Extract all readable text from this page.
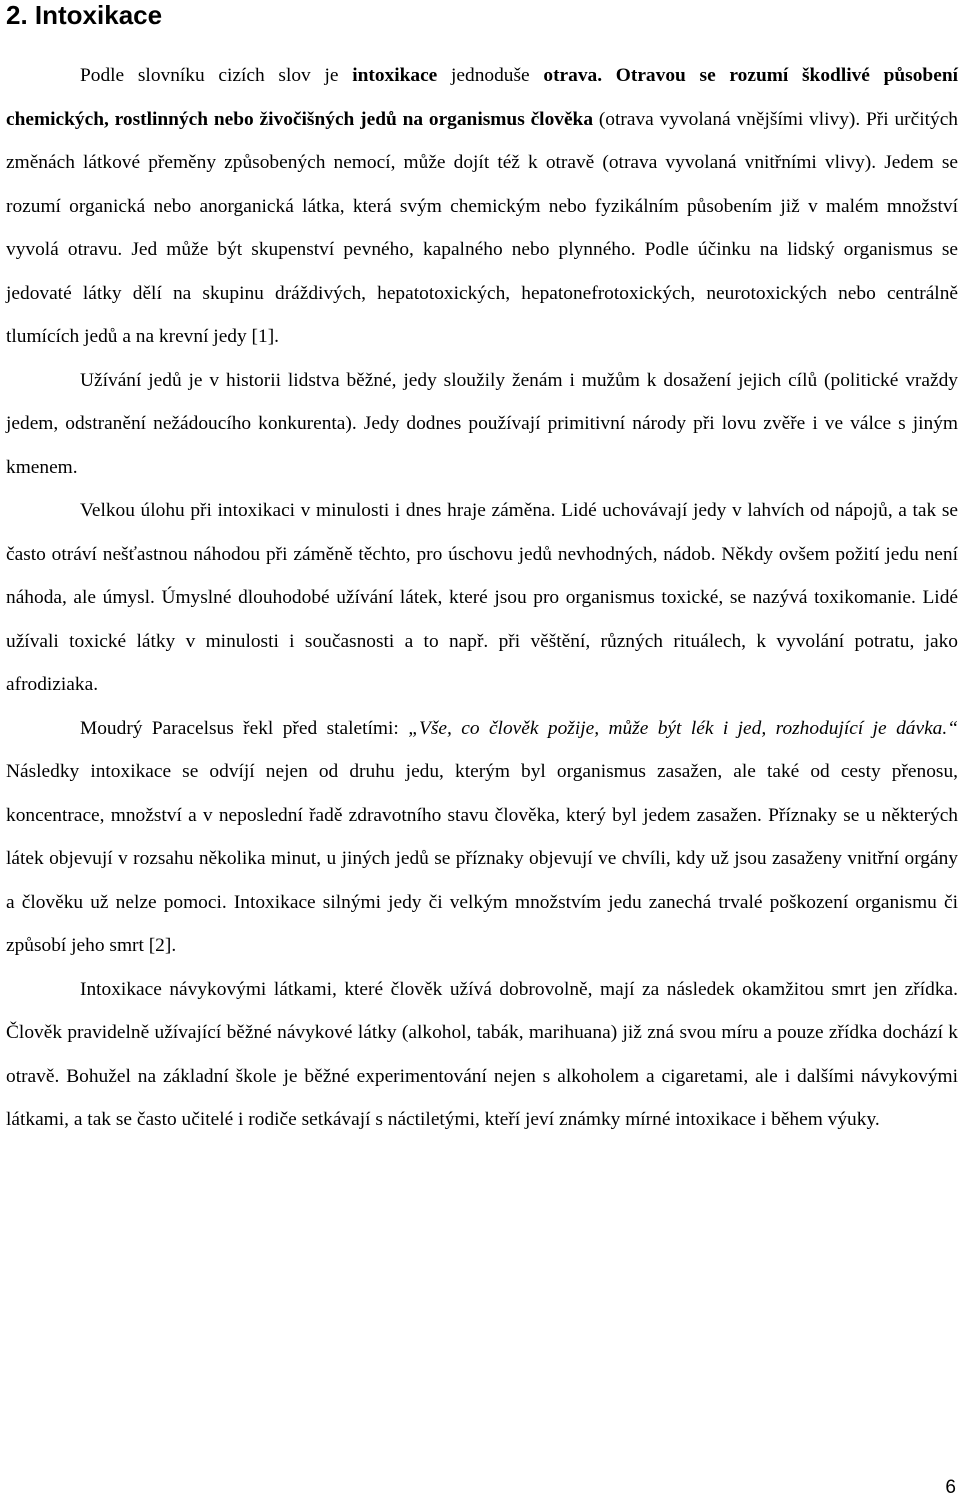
2. Intoxikace

Podle slovníku cizích slov je intoxikace jednoduše otrava. Otravou se rozumí škodlivé působení chemických, rostlinných nebo živočišných jedů na organismus člověka (otrava vyvolaná vnějšími vlivy). Při určitých změnách látkové přeměny způsobených nemocí, může dojít též k otravě (otrava vyvolaná vnitřními vlivy). Jedem se rozumí organická nebo anorganická látka, která svým chemickým nebo fyzikálním působením již v malém množství vyvolá otravu. Jed může být skupenství pevného, kapalného nebo plynného. Podle účinku na lidský organismus se jedovaté látky dělí na skupinu dráždivých, hepatotoxických, hepatonefrotoxických, neurotoxických nebo centrálně tlumících jedů a na krevní jedy [1].

Užívání jedů je v historii lidstva běžné, jedy sloužily ženám i mužům k dosažení jejich cílů (politické vraždy jedem, odstranění nežádoucího konkurenta). Jedy dodnes používají primitivní národy při lovu zvěře i ve válce s jiným kmenem.

Velkou úlohu při intoxikaci v minulosti i dnes hraje záměna. Lidé uchovávají jedy v lahvích od nápojů, a tak se často otráví nešťastnou náhodou při záměně těchto, pro úschovu jedů nevhodných, nádob. Někdy ovšem požití jedu není náhoda, ale úmysl. Úmyslné dlouhodobé užívání látek, které jsou pro organismus toxické, se nazývá toxikomanie. Lidé užívali toxické látky v minulosti i současnosti a to např. při věštění, různých rituálech, k vyvolání potratu, jako afrodiziaka.

Moudrý Paracelsus řekl před staletími: „Vše, co člověk požije, může být lék i jed, rozhodující je dávka.“ Následky intoxikace se odvíjí nejen od druhu jedu, kterým byl organismus zasažen, ale také od cesty přenosu, koncentrace, množství a v neposlední řadě zdravotního stavu člověka, který byl jedem zasažen. Příznaky se u některých látek objevují v rozsahu několika minut, u jiných jedů se příznaky objevují ve chvíli, kdy už jsou zasaženy vnitřní orgány a člověku už nelze pomoci. Intoxikace silnými jedy či velkým množstvím jedu zanechá trvalé poškození organismu či způsobí jeho smrt [2].

Intoxikace návykovými látkami, které člověk užívá dobrovolně, mají za následek okamžitou smrt jen zřídka. Člověk pravidelně užívající běžné návykové látky (alkohol, tabák, marihuana) již zná svou míru a pouze zřídka dochází k otravě. Bohužel na základní škole je běžné experimentování nejen s alkoholem a cigaretami, ale i dalšími návykovými látkami, a tak se často učitelé i rodiče setkávají s náctiletými, kteří jeví známky mírné intoxikace i během výuky.

6
